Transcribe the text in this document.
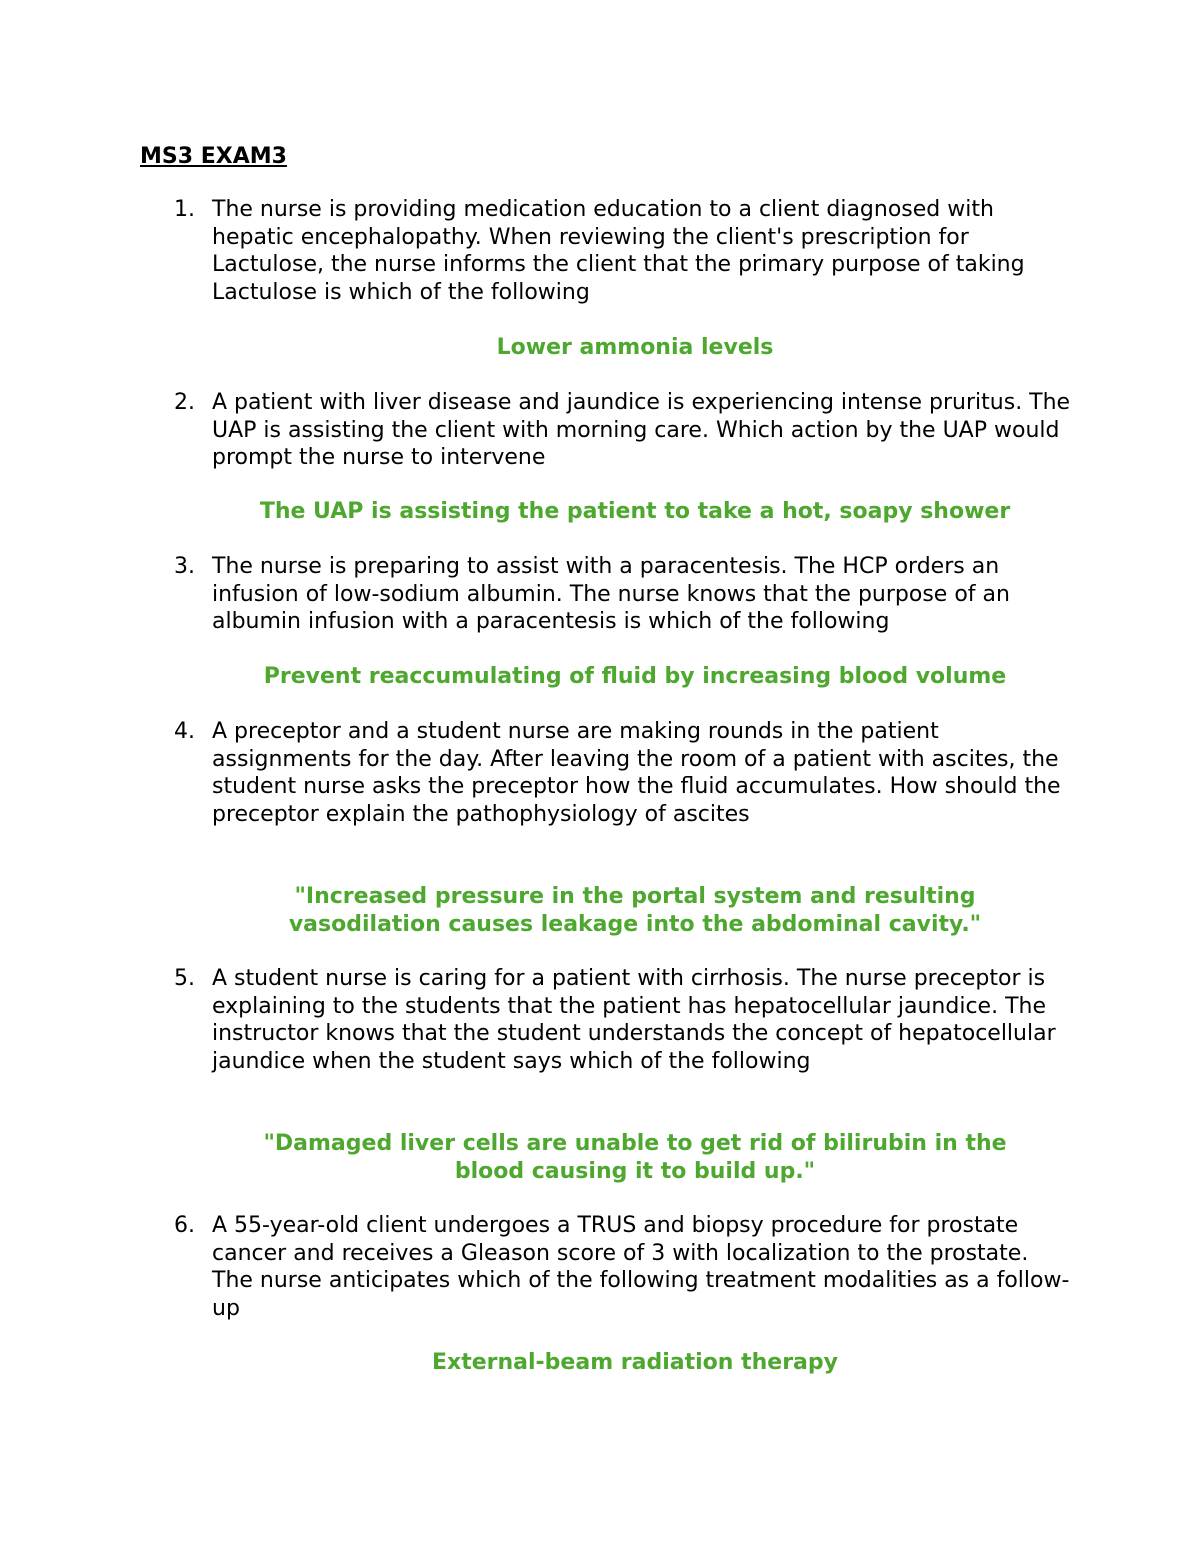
MS3 EXAM3
1. The nurse is providing medication education to a client diagnosed with hepatic encephalopathy. When reviewing the client's prescription for Lactulose, the nurse informs the client that the primary purpose of taking Lactulose is which of the following

Lower ammonia levels

2. A patient with liver disease and jaundice is experiencing intense pruritus. The UAP is assisting the client with morning care. Which action by the UAP would prompt the nurse to intervene

The UAP is assisting the patient to take a hot, soapy shower

3. The nurse is preparing to assist with a paracentesis. The HCP orders an infusion of low-sodium albumin. The nurse knows that the purpose of an albumin infusion with a paracentesis is which of the following

Prevent reaccumulating of fluid by increasing blood volume

4. A preceptor and a student nurse are making rounds in the patient assignments for the day. After leaving the room of a patient with ascites, the student nurse asks the preceptor how the fluid accumulates. How should the preceptor explain the pathophysiology of ascites

"Increased pressure in the portal system and resulting vasodilation causes leakage into the abdominal cavity."

5. A student nurse is caring for a patient with cirrhosis. The nurse preceptor is explaining to the students that the patient has hepatocellular jaundice. The instructor knows that the student understands the concept of hepatocellular jaundice when the student says which of the following

"Damaged liver cells are unable to get rid of bilirubin in the blood causing it to build up."

6. A 55-year-old client undergoes a TRUS and biopsy procedure for prostate cancer and receives a Gleason score of 3 with localization to the prostate. The nurse anticipates which of the following treatment modalities as a follow-up

External-beam radiation therapy
